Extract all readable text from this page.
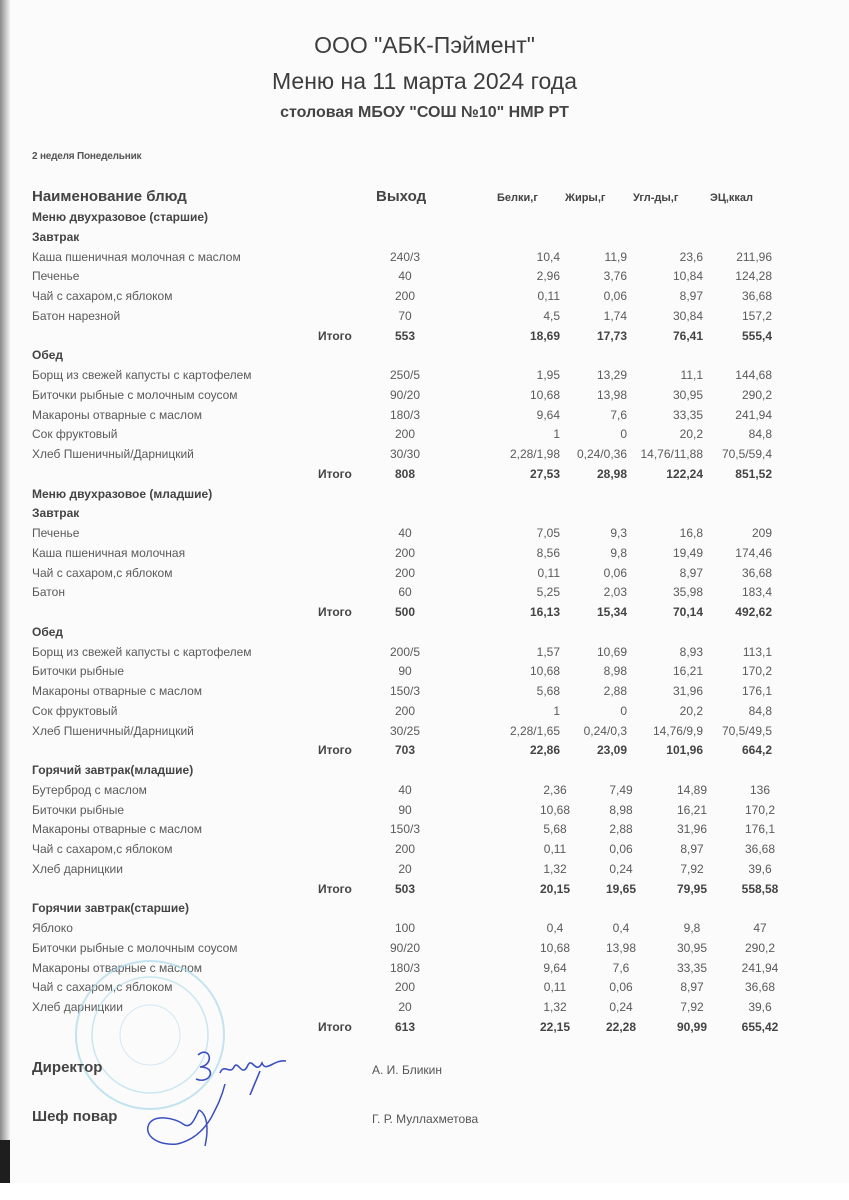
ООО "АБК-Пэймент"
Меню на 11 марта 2024 года
столовая МБОУ "СОШ №10" НМР РТ
2 неделя Понедельник
Наименование блюд	Выход	Белки,г Жиры,г	Угл-ды,г	ЭЦ,ккал
Меню двухразовое (старшие)
Завтрак
Каша пшеничная молочная с маслом	240/3	10,4	11,9	23,6	211,96
Печенье	40	2,96	3,76	10,84	124,28
Чай с сахаром,с яблоком	200	0,11	0,06	8,97	36,68
Батон нарезной	70	4,5	1,74	30,84	157,2
Итого	553	18,69	17,73	76,41	555,4
Обед
Борщ из свежей капусты с картофелем	250/5	1,95	13,29	11,1	144,68
Биточки рыбные с молочным соусом	90/20	10,68	13,98	30,95	290,2
Макароны отварные с маслом	180/3	9,64	7,6	33,35	241,94
Сок фруктовый	200	1	0	20,2	84,8
Хлеб Пшеничный/Дарницкий	30/30	2,28/1,98 0,24/0,36 14,76/11,88 70,5/59,4
Итого	808	27,53	28,98	122,24	851,52
Меню двухразовое (младшие)
Завтрак
Печенье	40	7,05	9,3	16,8	209
Каша пшеничная молочная	200	8,56	9,8	19,49	174,46
Чай с сахаром,с яблоком	200	0,11	0,06	8,97	36,68
Батон	60	5,25	2,03	35,98	183,4
Итого	500	16,13	15,34	70,14	492,62
Обед
Борщ из свежей капусты с картофелем	200/5	1,57	10,69	8,93	113,1
Биточки рыбные	90	10,68	8,98	16,21	170,2
Макароны отварные с маслом	150/3	5,68	2,88	31,96	176,1
Сок фруктовый	200	1	0	20,2	84,8
Хлеб Пшеничный/Дарницкий	30/25	2,28/1,65 0,24/0,3 14,76/9,9 70,5/49,5
Итого	703	22,86	23,09	101,96	664,2
Горячий завтрак(младшие)
Бутерброд с маслом	40	2,36	7,49	14,89	136
Биточки рыбные	90	10,68	8,98	16,21	170,2
Макароны отварные с маслом	150/3	5,68	2,88	31,96	176,1
Чай с сахаром,с яблоком	200	0,11	0,06	8,97	36,68
Хлеб дарницкии	20	1,32	0,24	7,92	39,6
Итого	503	20,15	19,65	79,95	558,58
Горячии завтрак(старшие)
Яблоко	100	0,4	0,4	9,8	47
Биточки рыбные с молочным соусом	90/20	10,68	13,98	30,95	290,2
Макароны отварные с маслом	180/3	9,64	7,6	33,35	241,94
Чай с сахаром,с яблоком	200	0,11	0,06	8,97	36,68
Хлеб дарницкии	20	1,32	0,24	7,92	39,6
Итого	613	22,15	22,28	90,99	655,42
Директор	А. И. Бликин
Шеф повар	Г. Р. Муллахметова
